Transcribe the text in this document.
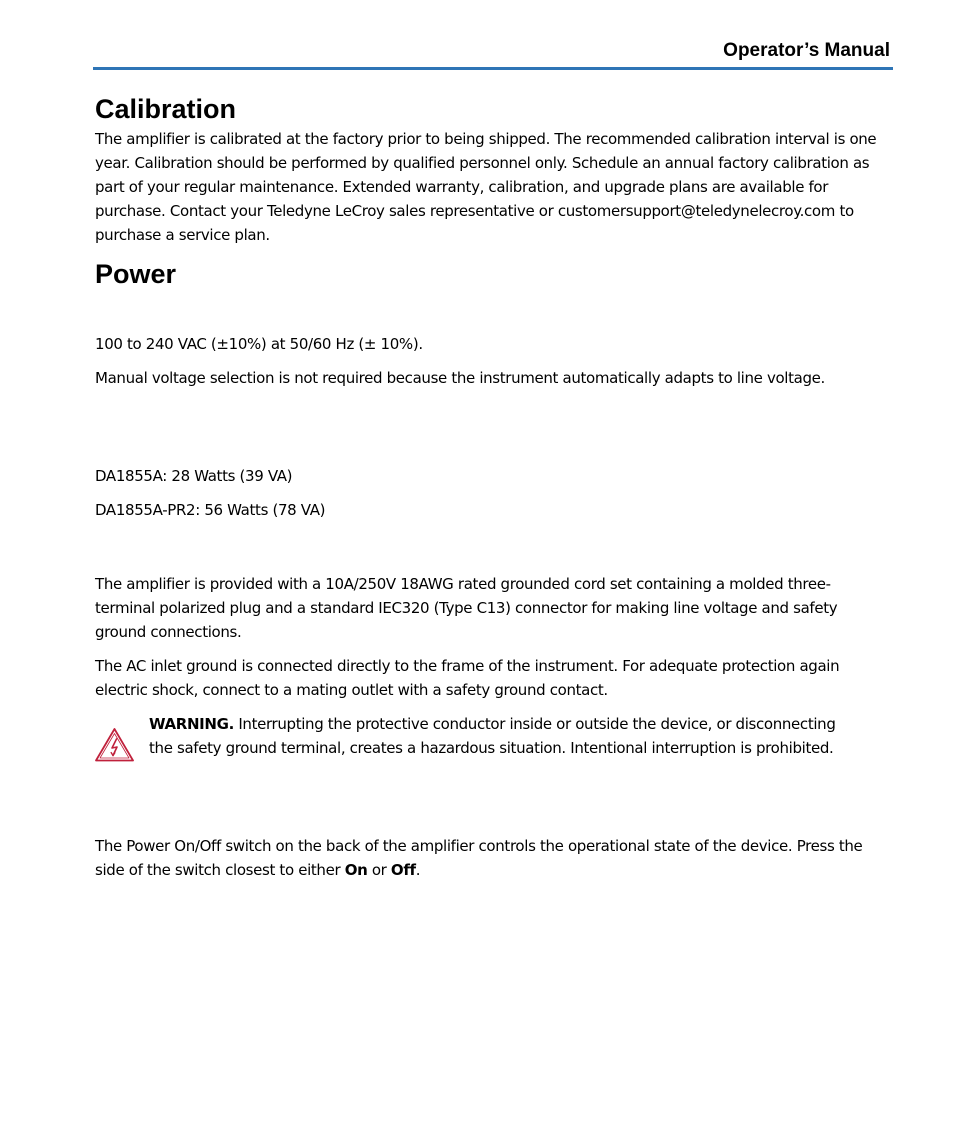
Operator’s Manual
Calibration

The amplifier is calibrated at the factory prior to being shipped. The recommended calibration interval is one year. Calibration should be performed by qualified personnel only. Schedule an annual factory calibration as part of your regular maintenance. Extended warranty, calibration, and upgrade plans are available for purchase. Contact your Teledyne LeCroy sales representative or customersupport@teledynelecroy.com to purchase a service plan.

Power

100 to 240 VAC (±10%) at 50/60 Hz (± 10%).

Manual voltage selection is not required because the instrument automatically adapts to line voltage.

DA1855A: 28 Watts (39 VA)

DA1855A-PR2: 56 Watts (78 VA)

The amplifier is provided with a 10A/250V 18AWG rated grounded cord set containing a molded three-terminal polarized plug and a standard IEC320 (Type C13) connector for making line voltage and safety ground connections.

The AC inlet ground is connected directly to the frame of the instrument. For adequate protection again electric shock, connect to a mating outlet with a safety ground contact.

WARNING. Interrupting the protective conductor inside or outside the device, or disconnecting the safety ground terminal, creates a hazardous situation. Intentional interruption is prohibited.

The Power On/Off switch on the back of the amplifier controls the operational state of the device. Press the side of the switch closest to either On or Off.
